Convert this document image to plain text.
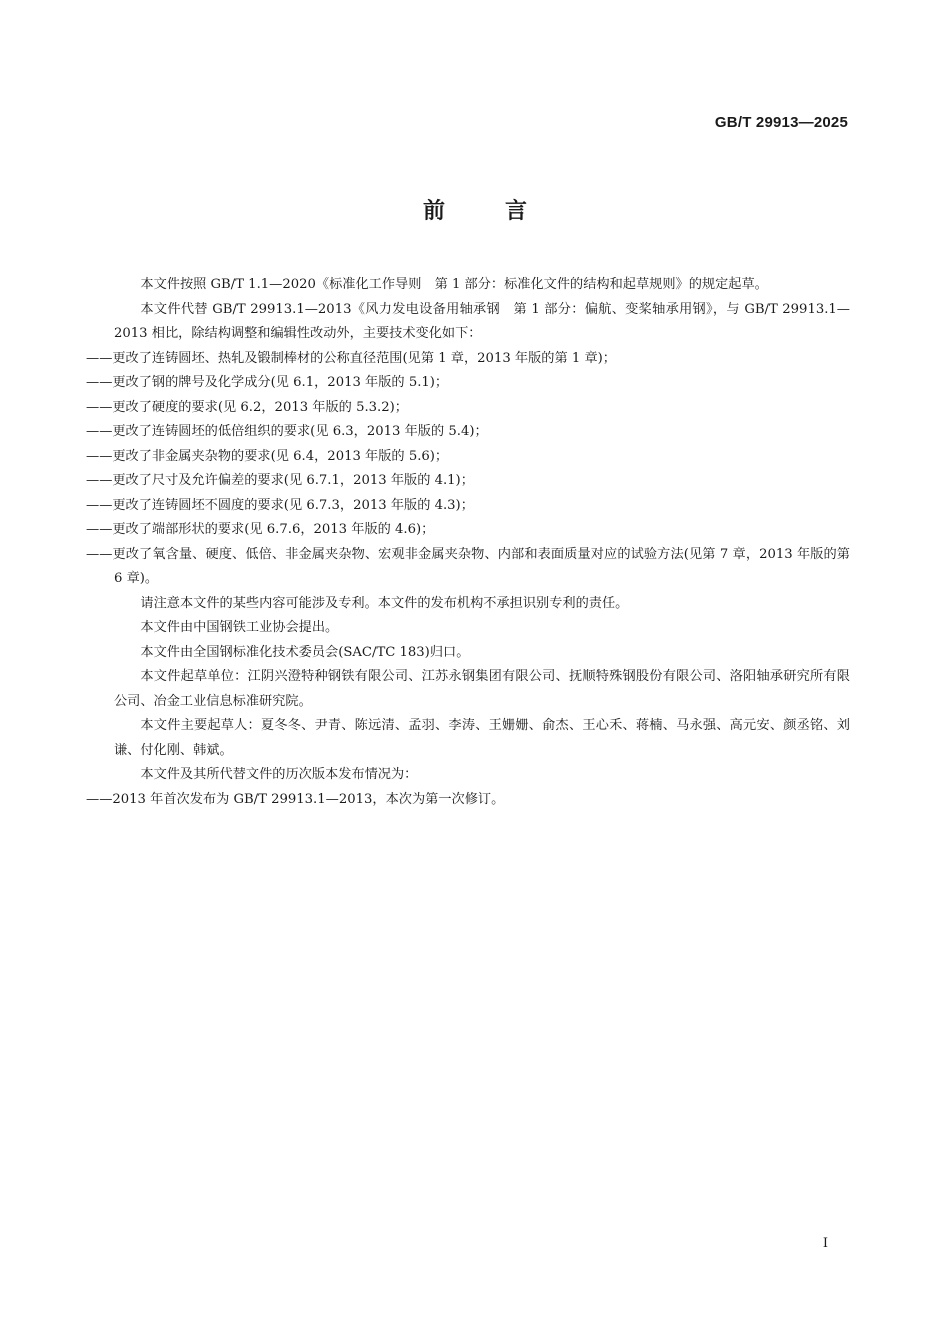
GB/T 29913—2025
前言

本文件按照 GB/T 1.1—2020《标准化工作导则　第 1 部分：标准化文件的结构和起草规则》的规定起草。

本文件代替 GB/T 29913.1—2013《风力发电设备用轴承钢　第 1 部分：偏航、变桨轴承用钢》，与 GB/T 29913.1—2013 相比，除结构调整和编辑性改动外，主要技术变化如下：

——更改了连铸圆坯、热轧及锻制棒材的公称直径范围(见第 1 章，2013 年版的第 1 章)；

——更改了钢的牌号及化学成分(见 6.1，2013 年版的 5.1)；

——更改了硬度的要求(见 6.2，2013 年版的 5.3.2)；

——更改了连铸圆坯的低倍组织的要求(见 6.3，2013 年版的 5.4)；

——更改了非金属夹杂物的要求(见 6.4，2013 年版的 5.6)；

——更改了尺寸及允许偏差的要求(见 6.7.1，2013 年版的 4.1)；

——更改了连铸圆坯不圆度的要求(见 6.7.3，2013 年版的 4.3)；

——更改了端部形状的要求(见 6.7.6，2013 年版的 4.6)；

——更改了氧含量、硬度、低倍、非金属夹杂物、宏观非金属夹杂物、内部和表面质量对应的试验方法(见第 7 章，2013 年版的第 6 章)。

请注意本文件的某些内容可能涉及专利。本文件的发布机构不承担识别专利的责任。

本文件由中国钢铁工业协会提出。

本文件由全国钢标准化技术委员会(SAC/TC 183)归口。

本文件起草单位：江阴兴澄特种钢铁有限公司、江苏永钢集团有限公司、抚顺特殊钢股份有限公司、洛阳轴承研究所有限公司、冶金工业信息标准研究院。

本文件主要起草人：夏冬冬、尹青、陈远清、孟羽、李涛、王姗姗、俞杰、王心禾、蒋楠、马永强、高元安、颜丞铭、刘谦、付化刚、韩斌。

本文件及其所代替文件的历次版本发布情况为：

——2013 年首次发布为 GB/T 29913.1—2013，本次为第一次修订。

I
